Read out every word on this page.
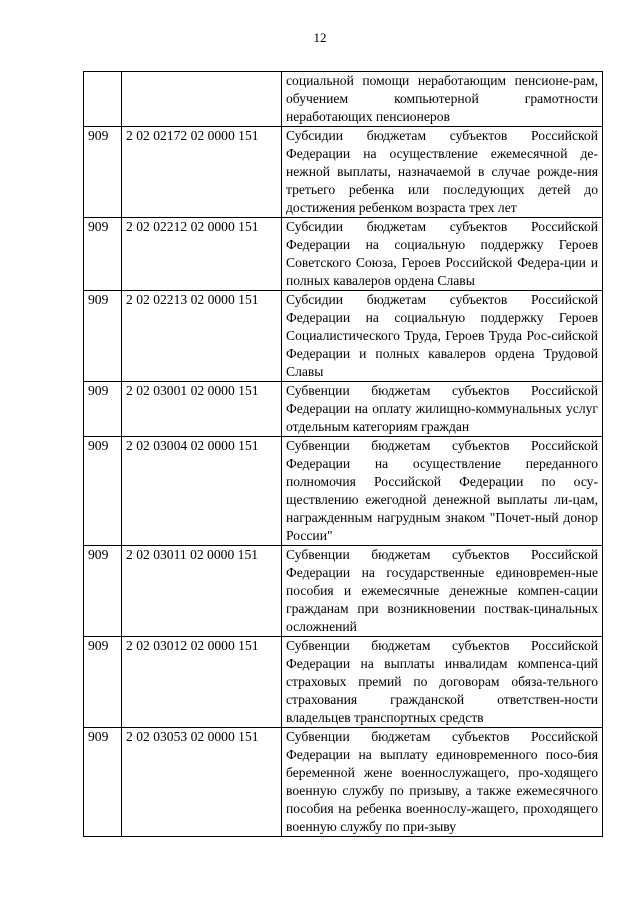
12
		социальной помощи неработающим пенсионе-рам, обучением компьютерной грамотности неработающих пенсионеров
909	2 02 02172 02 0000 151	Субсидии бюджетам субъектов Российской Федерации на осуществление ежемесячной де-нежной выплаты, назначаемой в случае рожде-ния третьего ребенка или последующих детей до достижения ребенком возраста трех лет
909	2 02 02212 02 0000 151	Субсидии бюджетам субъектов Российской Федерации на социальную поддержку Героев Советского Союза, Героев Российской Федера-ции и полных кавалеров ордена Славы
909	2 02 02213 02 0000 151	Субсидии бюджетам субъектов Российской Федерации на социальную поддержку Героев Социалистического Труда, Героев Труда Рос-сийской Федерации и полных кавалеров ордена Трудовой Славы
909	2 02 03001 02 0000 151	Субвенции бюджетам субъектов Российской Федерации на оплату жилищно-коммунальных услуг отдельным категориям граждан
909	2 02 03004 02 0000 151	Субвенции бюджетам субъектов Российской Федерации на осуществление переданного полномочия Российской Федерации по осу-ществлению ежегодной денежной выплаты ли-цам, награжденным нагрудным знаком "Почет-ный донор России"
909	2 02 03011 02 0000 151	Субвенции бюджетам субъектов Российской Федерации на государственные единовремен-ные пособия и ежемесячные денежные компен-сации гражданам при возникновении поствак-цинальных осложнений
909	2 02 03012 02 0000 151	Субвенции бюджетам субъектов Российской Федерации на выплаты инвалидам компенса-ций страховых премий по договорам обяза-тельного страхования гражданской ответствен-ности владельцев транспортных средств
909	2 02 03053 02 0000 151	Субвенции бюджетам субъектов Российской Федерации на выплату единовременного посо-бия беременной жене военнослужащего, про-ходящего военную службу по призыву, а также ежемесячного пособия на ребенка военнослу-жащего, проходящего военную службу по при-зыву
